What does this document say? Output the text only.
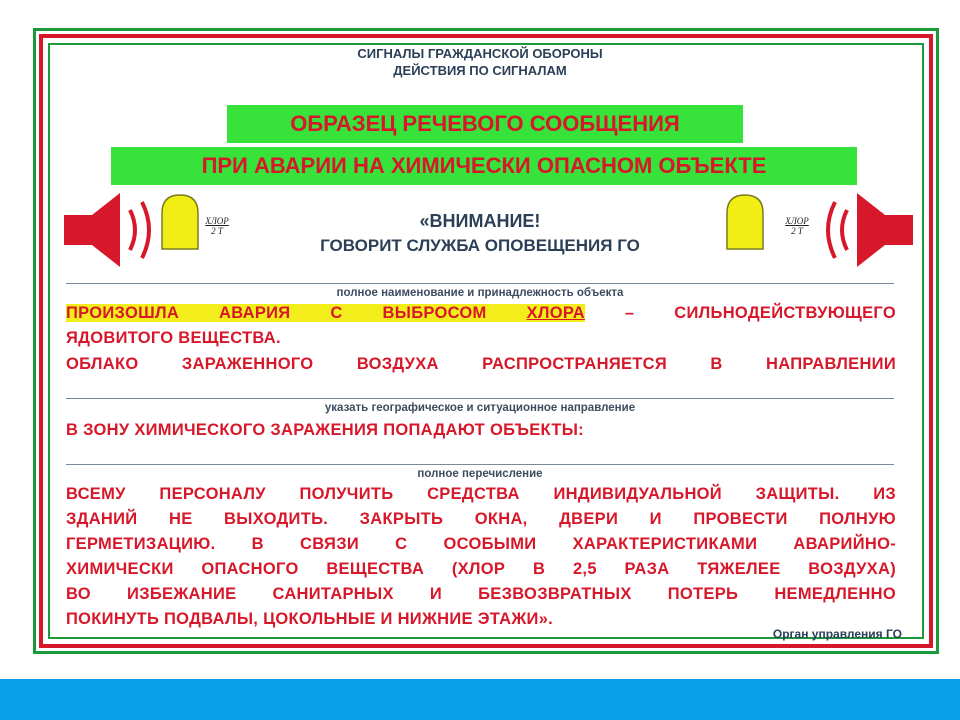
СИГНАЛЫ ГРАЖДАНСКОЙ ОБОРОНЫ
ДЕЙСТВИЯ ПО СИГНАЛАМ
ОБРАЗЕЦ РЕЧЕВОГО СООБЩЕНИЯ
ПРИ АВАРИИ НА ХИМИЧЕСКИ ОПАСНОМ ОБЪЕКТЕ
ХЛОР
2 Т
ХЛОР
2 Т
«ВНИМАНИЕ!
ГОВОРИТ СЛУЖБА ОПОВЕЩЕНИЯ ГО
полное наименование и принадлежность объекта
ПРОИЗОШЛА АВАРИЯ С ВЫБРОСОМ ХЛОРА – СИЛЬНОДЕЙСТВУЮЩЕГО
ЯДОВИТОГО ВЕЩЕСТВА.
ОБЛАКО ЗАРАЖЕННОГО ВОЗДУХА РАСПРОСТРАНЯЕТСЯ В НАПРАВЛЕНИИ
указать географическое и ситуационное направление
В ЗОНУ ХИМИЧЕСКОГО ЗАРАЖЕНИЯ ПОПАДАЮТ ОБЪЕКТЫ:
полное перечисление
ВСЕМУ ПЕРСОНАЛУ ПОЛУЧИТЬ СРЕДСТВА ИНДИВИДУАЛЬНОЙ ЗАЩИТЫ. ИЗ
ЗДАНИЙ НЕ ВЫХОДИТЬ. ЗАКРЫТЬ ОКНА, ДВЕРИ И ПРОВЕСТИ ПОЛНУЮ
ГЕРМЕТИЗАЦИЮ. В СВЯЗИ С ОСОБЫМИ ХАРАКТЕРИСТИКАМИ АВАРИЙНО-
ХИМИЧЕСКИ ОПАСНОГО ВЕЩЕСТВА (ХЛОР В 2,5 РАЗА ТЯЖЕЛЕЕ ВОЗДУХА)
ВО ИЗБЕЖАНИЕ САНИТАРНЫХ И БЕЗВОЗВРАТНЫХ ПОТЕРЬ НЕМЕДЛЕННО
ПОКИНУТЬ ПОДВАЛЫ, ЦОКОЛЬНЫЕ И НИЖНИЕ ЭТАЖИ».
Орган управления ГО
